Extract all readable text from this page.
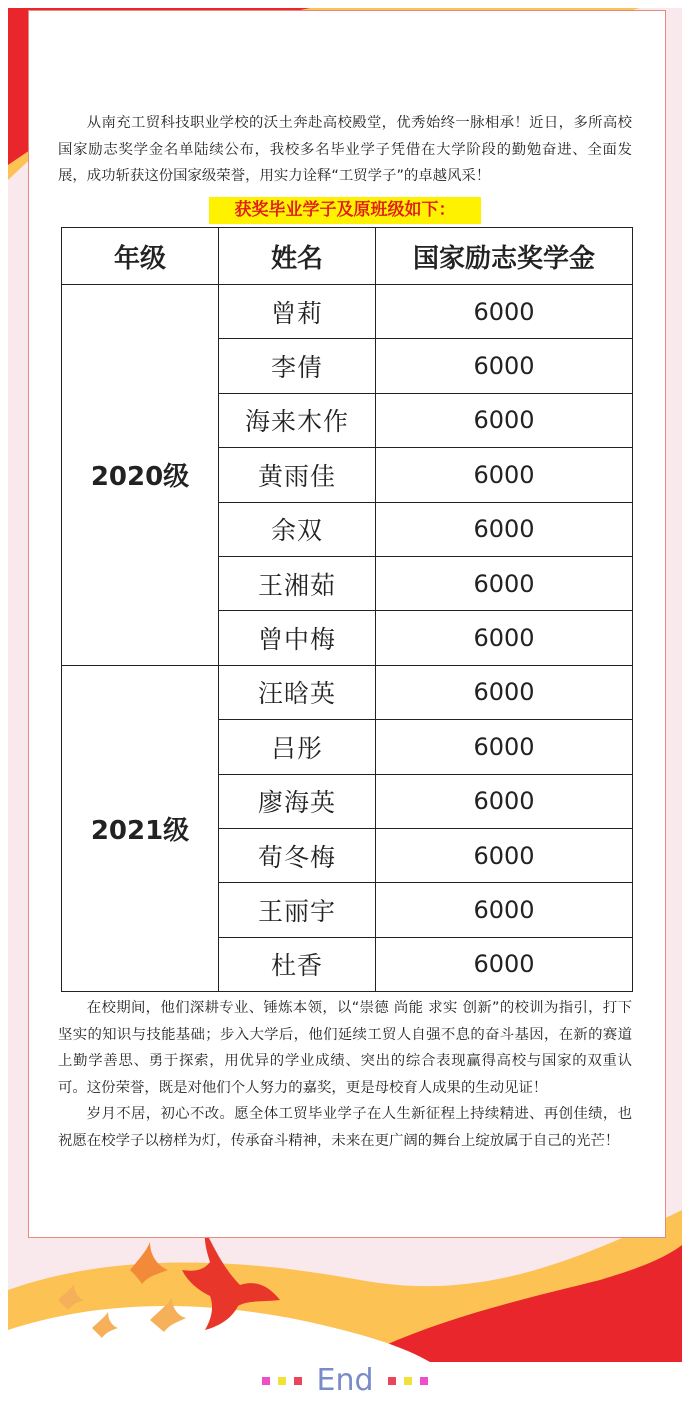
从南充工贸科技职业学校的沃土奔赴高校殿堂，优秀始终一脉相承！近日，多所高校国家励志奖学金名单陆续公布，我校多名毕业学子凭借在大学阶段的勤勉奋进、全面发展，成功斩获这份国家级荣誉，用实力诠释“工贸学子”的卓越风采！

获奖毕业学子及原班级如下：
年级	姓名	国家励志奖学金
2020级	曾莉	6000
	李倩	6000
	海来木作	6000
	黄雨佳	6000
	余双	6000
	王湘茹	6000
	曾中梅	6000
2021级	汪晗英	6000
	吕彤	6000
	廖海英	6000
	荀冬梅	6000
	王丽宇	6000
	杜香	6000

在校期间，他们深耕专业、锤炼本领，以“崇德 尚能 求实 创新”的校训为指引，打下坚实的知识与技能基础；步入大学后，他们延续工贸人自强不息的奋斗基因，在新的赛道上勤学善思、勇于探索，用优异的学业成绩、突出的综合表现赢得高校与国家的双重认可。这份荣誉，既是对他们个人努力的嘉奖，更是母校育人成果的生动见证！

岁月不居，初心不改。愿全体工贸毕业学子在人生新征程上持续精进、再创佳绩，也祝愿在校学子以榜样为灯，传承奋斗精神，未来在更广阔的舞台上绽放属于自己的光芒！

End
